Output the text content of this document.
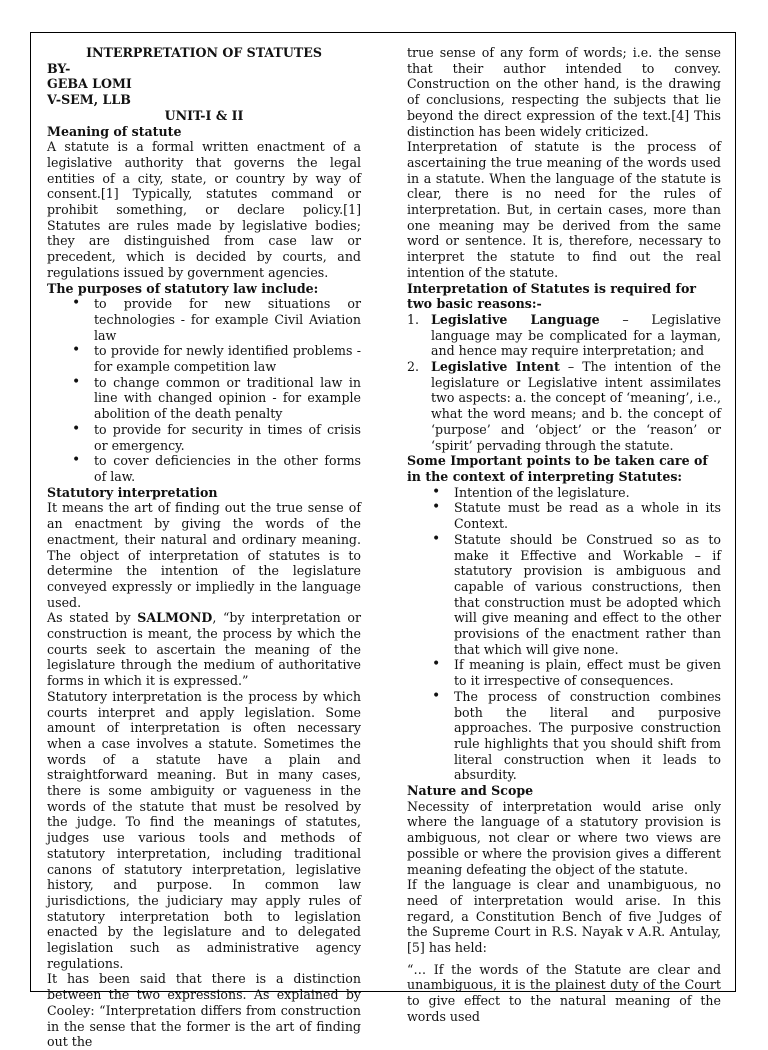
INTERPRETATION OF STATUTES

BY-

GEBA LOMI

V-SEM, LLB

UNIT-I & II

Meaning of statute

A statute is a formal written enactment of a legislative authority that governs the legal entities of a city, state, or country by way of consent.[1] Typically, statutes command or prohibit something, or declare policy.[1] Statutes are rules made by legislative bodies; they are distinguished from case law or precedent, which is decided by courts, and regulations issued by government agencies.

The purposes of statutory law include:

• to provide for new situations or technologies - for example Civil Aviation law
• to provide for newly identified problems - for example competition law
• to change common or traditional law in line with changed opinion - for example abolition of the death penalty
• to provide for security in times of crisis or emergency.
• to cover deficiencies in the other forms of law.

Statutory interpretation

It means the art of finding out the true sense of an enactment by giving the words of the enactment, their natural and ordinary meaning. The object of interpretation of statutes is to determine the intention of the legislature conveyed expressly or impliedly in the language used.

As stated by SALMOND, “by interpretation or construction is meant, the process by which the courts seek to ascertain the meaning of the legislature through the medium of authoritative forms in which it is expressed.”

Statutory interpretation is the process by which courts interpret and apply legislation. Some amount of interpretation is often necessary when a case involves a statute. Sometimes the words of a statute have a plain and straightforward meaning. But in many cases, there is some ambiguity or vagueness in the words of the statute that must be resolved by the judge. To find the meanings of statutes, judges use various tools and methods of statutory interpretation, including traditional canons of statutory interpretation, legislative history, and purpose. In common law jurisdictions, the judiciary may apply rules of statutory interpretation both to legislation enacted by the legislature and to delegated legislation such as administrative agency regulations.

It has been said that there is a distinction between the two expressions. As explained by Cooley: “Interpretation differs from construction in the sense that the former is the art of finding out the

true sense of any form of words; i.e. the sense that their author intended to convey. Construction on the other hand, is the drawing of conclusions, respecting the subjects that lie beyond the direct expression of the text.[4] This distinction has been widely criticized.

Interpretation of statute is the process of ascertaining the true meaning of the words used in a statute. When the language of the statute is clear, there is no need for the rules of interpretation. But, in certain cases, more than one meaning may be derived from the same word or sentence. It is, therefore, necessary to interpret the statute to find out the real intention of the statute.

Interpretation of Statutes is required for two basic reasons:-

1. Legislative Language – Legislative language may be complicated for a layman, and hence may require interpretation; and
2. Legislative Intent – The intention of the legislature or Legislative intent assimilates two aspects: a. the concept of ‘meaning’, i.e., what the word means; and b. the concept of ‘purpose’ and ‘object’ or the ‘reason’ or ‘spirit’ pervading through the statute.

Some Important points to be taken care of in the context of interpreting Statutes:

• Intention of the legislature.
• Statute must be read as a whole in its Context.
• Statute should be Construed so as to make it Effective and Workable – if statutory provision is ambiguous and capable of various constructions, then that construction must be adopted which will give meaning and effect to the other provisions of the enactment rather than that which will give none.
• If meaning is plain, effect must be given to it irrespective of consequences.
• The process of construction combines both the literal and purposive approaches. The purposive construction rule highlights that you should shift from literal construction when it leads to absurdity.

Nature and Scope

Necessity of interpretation would arise only where the language of a statutory provision is ambiguous, not clear or where two views are possible or where the provision gives a different meaning defeating the object of the statute.

If the language is clear and unambiguous, no need of interpretation would arise. In this regard, a Constitution Bench of five Judges of the Supreme Court in R.S. Nayak v A.R. Antulay,[5] has held:

“… If the words of the Statute are clear and unambiguous, it is the plainest duty of the Court to give effect to the natural meaning of the words used
